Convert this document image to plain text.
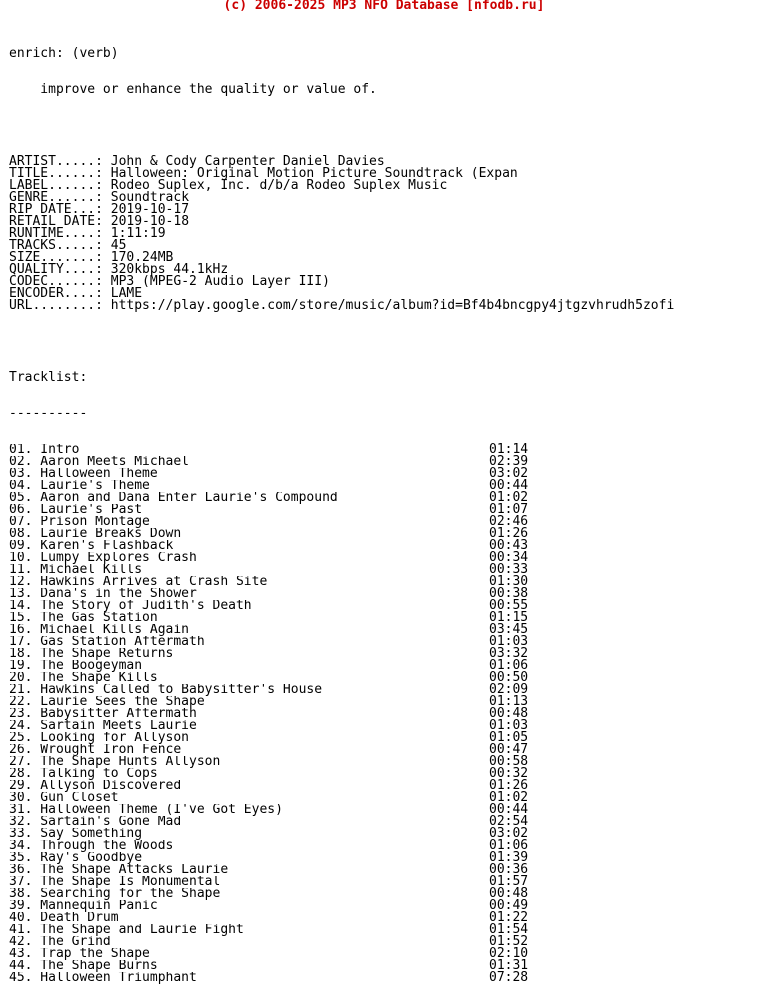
(c) 2006-2025 MP3 NFO Database [nfodb.ru]

enrich: (verb)

improve or enhance the quality or value of.

ARTIST.....: John & Cody Carpenter Daniel Davies
TITLE......: Halloween: Original Motion Picture Soundtrack (Expan
LABEL......: Rodeo Suplex, Inc. d/b/a Rodeo Suplex Music
GENRE......: Soundtrack
RIP DATE...: 2019-10-17
RETAIL DATE: 2019-10-18
RUNTIME....: 1:11:19
TRACKS.....: 45
SIZE.......: 170.24MB
QUALITY....: 320kbps 44.1kHz
CODEC......: MP3 (MPEG-2 Audio Layer III)
ENCODER....: LAME
URL........: https://play.google.com/store/music/album?id=Bf4b4bncgpy4jtgzvhrudh5zofi

Tracklist:

----------

01. Intro	01:14
02. Aaron Meets Michael	02:39
03. Halloween Theme	03:02
04. Laurie's Theme	00:44
05. Aaron and Dana Enter Laurie's Compound	01:02
06. Laurie's Past	01:07
07. Prison Montage	02:46
08. Laurie Breaks Down	01:26
09. Karen's Flashback	00:43
10. Lumpy Explores Crash	00:34
11. Michael Kills	00:33
12. Hawkins Arrives at Crash Site	01:30
13. Dana's in the Shower	00:38
14. The Story of Judith's Death	00:55
15. The Gas Station	01:15
16. Michael Kills Again	03:45
17. Gas Station Aftermath	01:03
18. The Shape Returns	03:32
19. The Boogeyman	01:06
20. The Shape Kills	00:50
21. Hawkins Called to Babysitter's House	02:09
22. Laurie Sees the Shape	01:13
23. Babysitter Aftermath	00:48
24. Sartain Meets Laurie	01:03
25. Looking for Allyson	01:05
26. Wrought Iron Fence	00:47
27. The Shape Hunts Allyson	00:58
28. Talking to Cops	00:32
29. Allyson Discovered	01:26
30. Gun Closet	01:02
31. Halloween Theme (I've Got Eyes)	00:44
32. Sartain's Gone Mad	02:54
33. Say Something	03:02
34. Through the Woods	01:06
35. Ray's Goodbye	01:39
36. The Shape Attacks Laurie	00:36
37. The Shape Is Monumental	01:57
38. Searching for the Shape	00:48
39. Mannequin Panic	00:49
40. Death Drum	01:22
41. The Shape and Laurie Fight	01:54
42. The Grind	01:52
43. Trap the Shape	02:10
44. The Shape Burns	01:31
45. Halloween Triumphant	07:28
